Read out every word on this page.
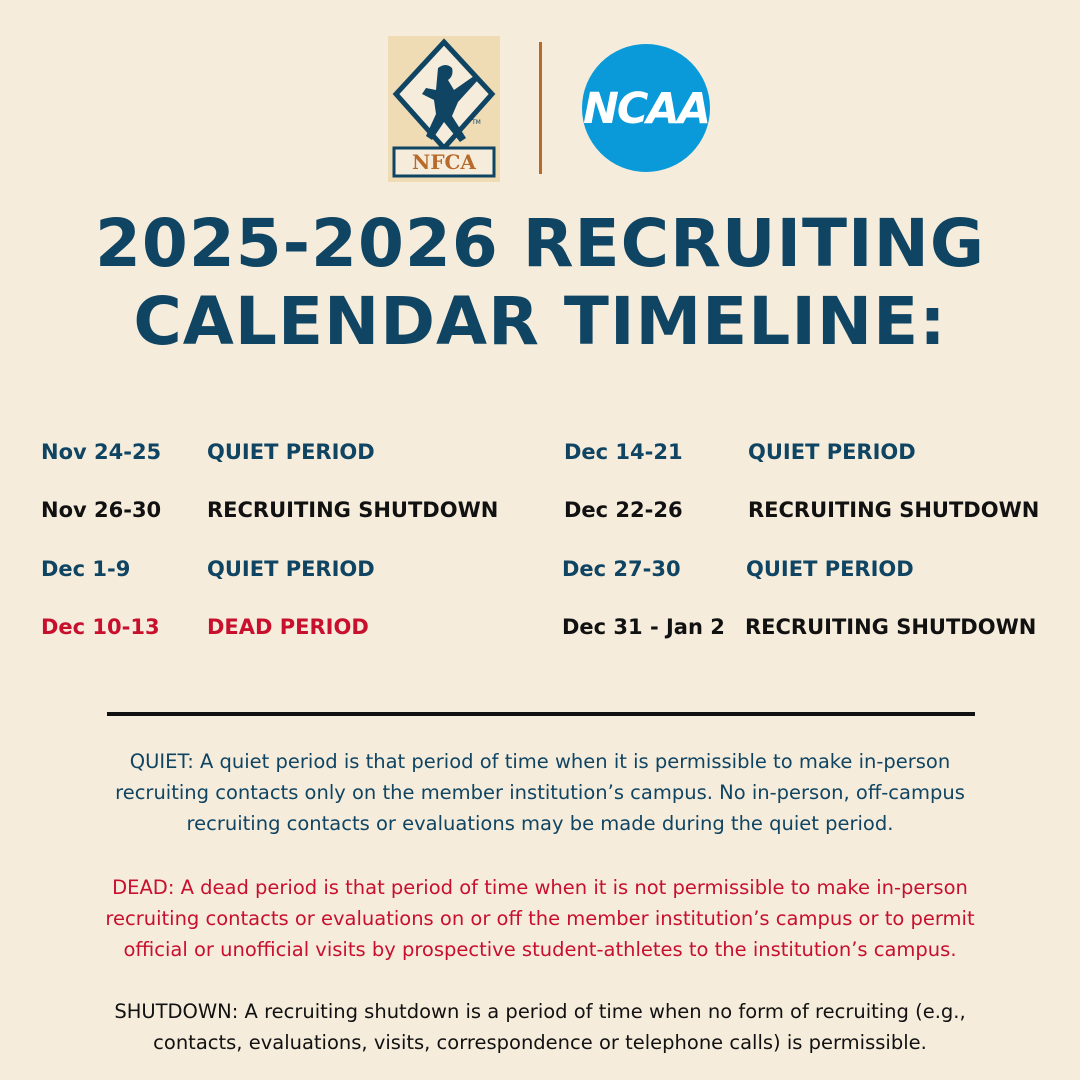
NFCA
TM NCAA
2025-2026 RECRUITING
CALENDAR TIMELINE:
Nov 24-25 QUIET PERIOD
Nov 26-30 RECRUITING SHUTDOWN
Dec 1-9	QUIET PERIOD
Dec 10-13 DEAD PERIOD
Dec 14-21	QUIET PERIOD
Dec 22-26	RECRUITING SHUTDOWN
Dec 27-30	QUIET PERIOD
Dec 31 - Jan 2 RECRUITING SHUTDOWN
QUIET: A quiet period is that period of time when it is permissible to make in-person
recruiting contacts only on the member institution’s campus. No in-person, off-campus
recruiting contacts or evaluations may be made during the quiet period.
DEAD: A dead period is that period of time when it is not permissible to make in-person
recruiting contacts or evaluations on or off the member institution’s campus or to permit
official or unofficial visits by prospective student-athletes to the institution’s campus.
SHUTDOWN: A recruiting shutdown is a period of time when no form of recruiting (e.g.,
contacts, evaluations, visits, correspondence or telephone calls) is permissible.
